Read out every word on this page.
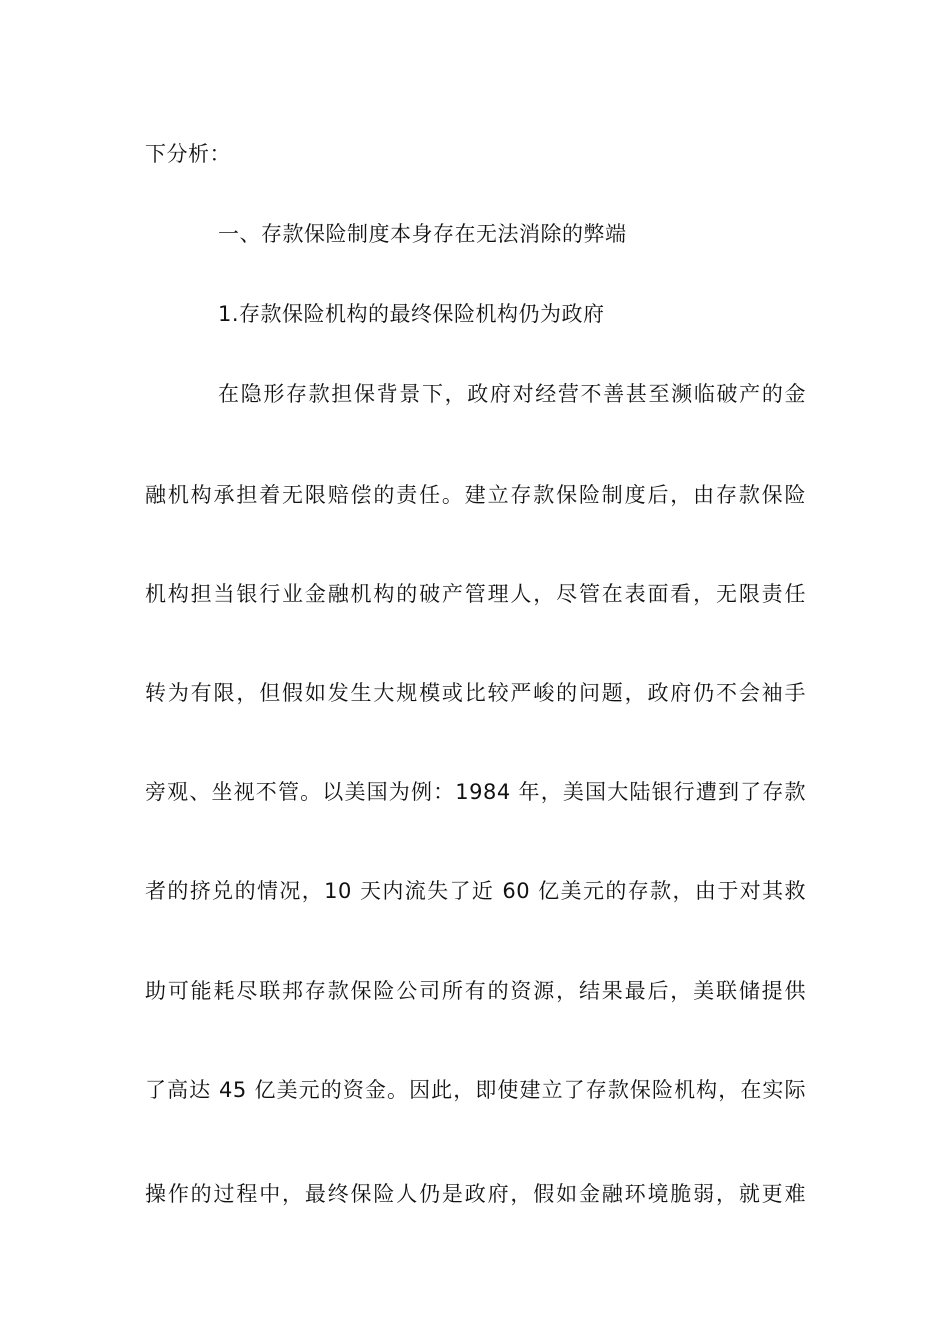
下分析：
一、存款保险制度本身存在无法消除的弊端
1.存款保险机构的最终保险机构仍为政府
在隐形存款担保背景下，政府对经营不善甚至濒临破产的金
融机构承担着无限赔偿的责任。建立存款保险制度后，由存款保险
机构担当银行业金融机构的破产管理人，尽管在表面看，无限责任
转为有限，但假如发生大规模或比较严峻的问题，政府仍不会袖手
旁观、坐视不管。以美国为例：1984 年，美国大陆银行遭到了存款
者的挤兑的情况，10 天内流失了近 60 亿美元的存款，由于对其救
助可能耗尽联邦存款保险公司所有的资源，结果最后，美联储提供
了高达 45 亿美元的资金。因此，即使建立了存款保险机构，在实际
操作的过程中，最终保险人仍是政府，假如金融环境脆弱，就更难
